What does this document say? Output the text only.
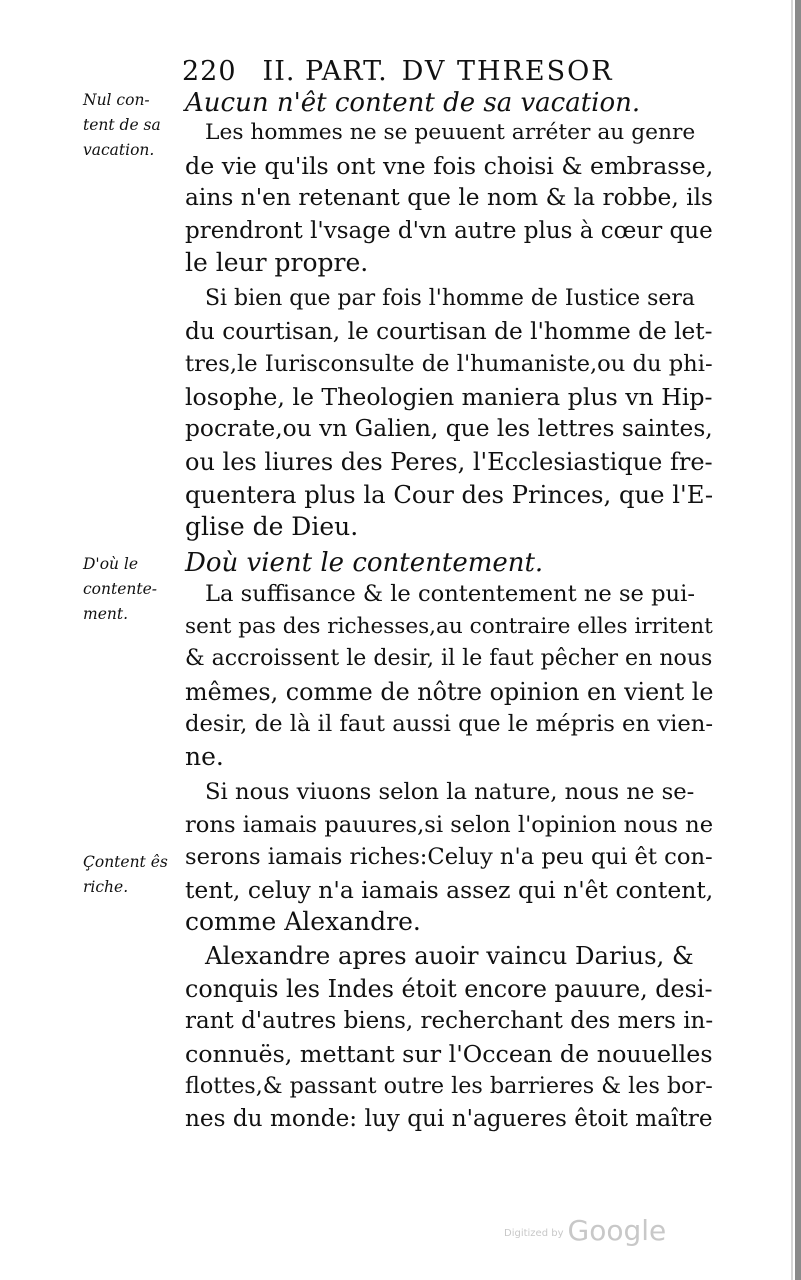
220 II. PART. DV THRESOR
Nul con-
tent de sa
vacation.
Aucun n'êt content de sa vacation.
Les hommes ne se peuuent arréter au genre
de vie qu'ils ont vne fois choisi & embrasse,
ains n'en retenant que le nom & la robbe, ils
prendront l'vsage d'vn autre plus à cœur que
le leur propre.
Si bien que par fois l'homme de Iustice sera
du courtisan, le courtisan de l'homme de let-
tres,le Iurisconsulte de l'humaniste,ou du phi-
losophe, le Theologien maniera plus vn Hip-
pocrate,ou vn Galien, que les lettres saintes,
ou les liures des Peres, l'Ecclesiastique fre-
quentera plus la Cour des Princes, que l'E-
glise de Dieu.
D'où le
contente-
ment.
Doù vient le contentement.
La suffisance & le contentement ne se pui-
sent pas des richesses,au contraire elles irritent
& accroissent le desir, il le faut pêcher en nous
mêmes, comme de nôtre opinion en vient le
desir, de là il faut aussi que le mépris en vien-
ne.
Si nous viuons selon la nature, nous ne se-
rons iamais pauures,si selon l'opinion nous ne
serons iamais riches:Celuy n'a peu qui êt con-
tent, celuy n'a iamais assez qui n'êt content,
comme Alexandre.
Çontent ês
riche.
Alexandre apres auoir vaincu Darius, &
conquis les Indes étoit encore pauure, desi-
rant d'autres biens, recherchant des mers in-
connuës, mettant sur l'Occean de nouuelles
flottes,& passant outre les barrieres & les bor-
nes du monde: luy qui n'agueres êtoit maître
$^{Digitized by}$ Google
